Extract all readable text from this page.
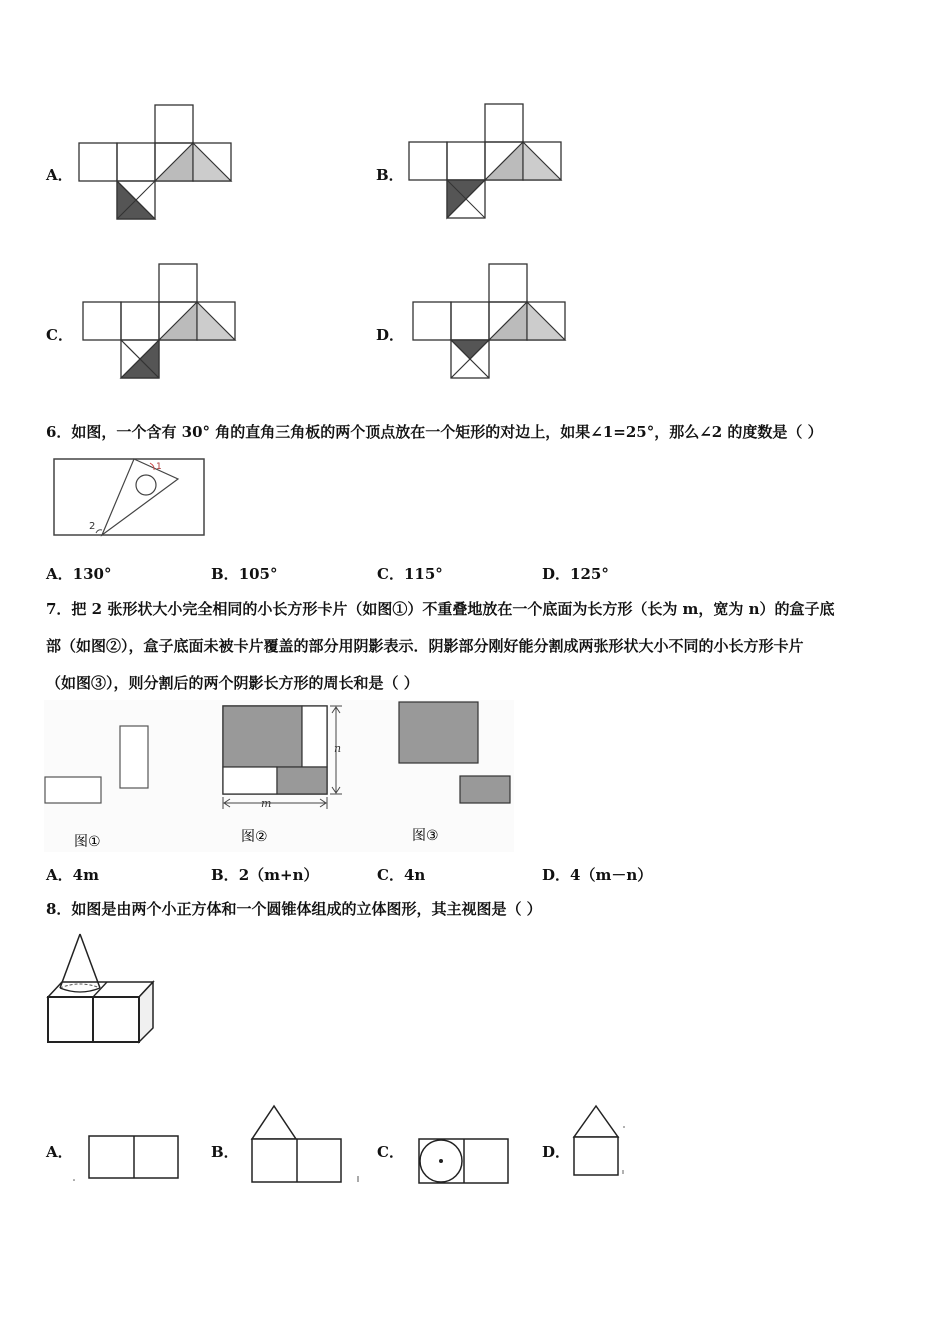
A．	B．
C．	D．
6．如图，一个含有 30° 角的直角三角板的两个顶点放在一个矩形的对边上，如果∠1=25°，那么∠2 的度数是（ ）
1
2
A．130°	B．105°	C．115°	D．125°
7．把 2 张形状大小完全相同的小长方形卡片（如图①）不重叠地放在一个底面为长方形（长为 m，宽为 n）的盒子底
部（如图②），盒子底面未被卡片覆盖的部分用阴影表示．阴影部分刚好能分割成两张形状大小不同的小长方形卡片
（如图③），则分割后的两个阴影长方形的周长和是（ ）
图①
m
n
图②	图③
A．4m	B．2（m+n）	C．4n	D．4（m－n）
8．如图是由两个小正方体和一个圆锥体组成的立体图形，其主视图是（ ）
A．	B．	C．	D．
